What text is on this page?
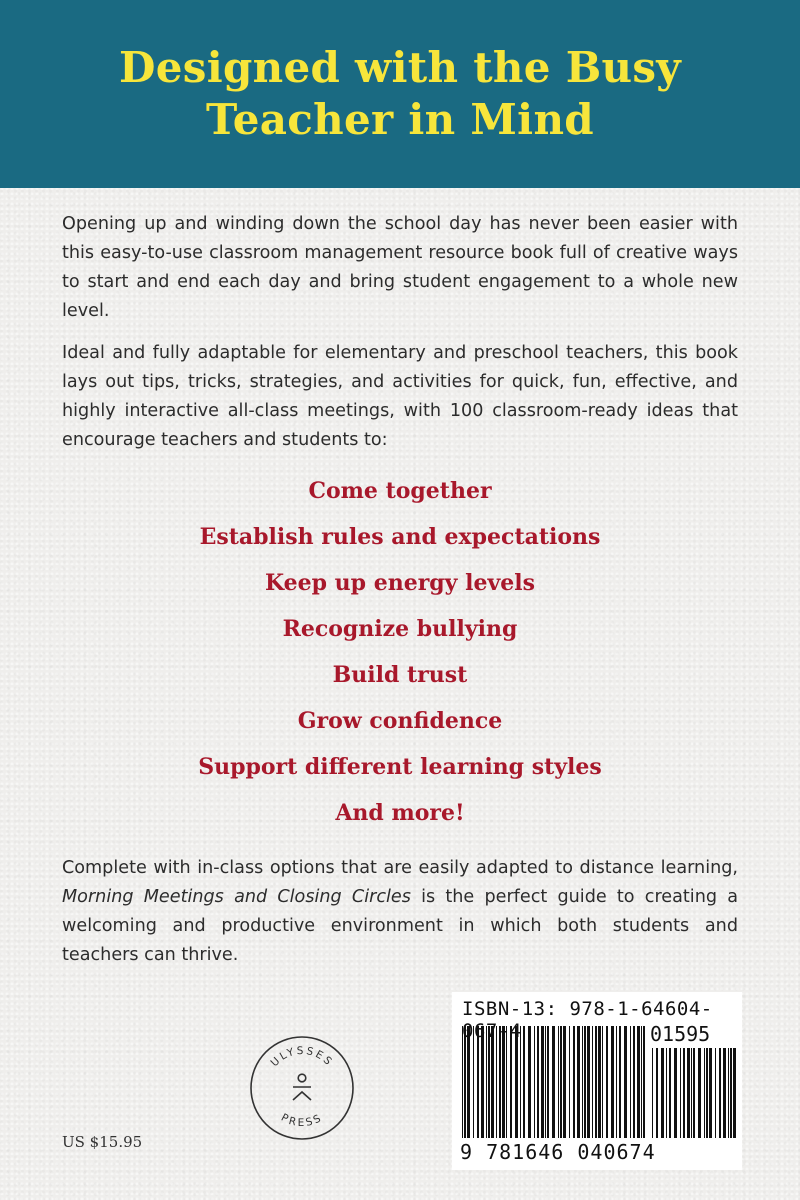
Designed with the Busy Teacher in Mind

Opening up and winding down the school day has never been easier with this easy-to-use classroom management resource book full of creative ways to start and end each day and bring student engagement to a whole new level.

Ideal and fully adaptable for elementary and preschool teachers, this book lays out tips, tricks, strategies, and activities for quick, fun, effective, and highly interactive all-class meetings, with 100 classroom-ready ideas that encourage teachers and students to:

Come together
Establish rules and expectations
Keep up energy levels
Recognize bullying
Build trust
Grow confidence
Support different learning styles
And more!

Complete with in-class options that are easily adapted to distance learning, Morning Meetings and Closing Circles is the perfect guide to creating a welcoming and productive environment in which both students and teachers can thrive.

ULYSSES
PRESS
US $15.95
ISBN-13: 978-1-64604-06 -4	01595
9 781646 040674
